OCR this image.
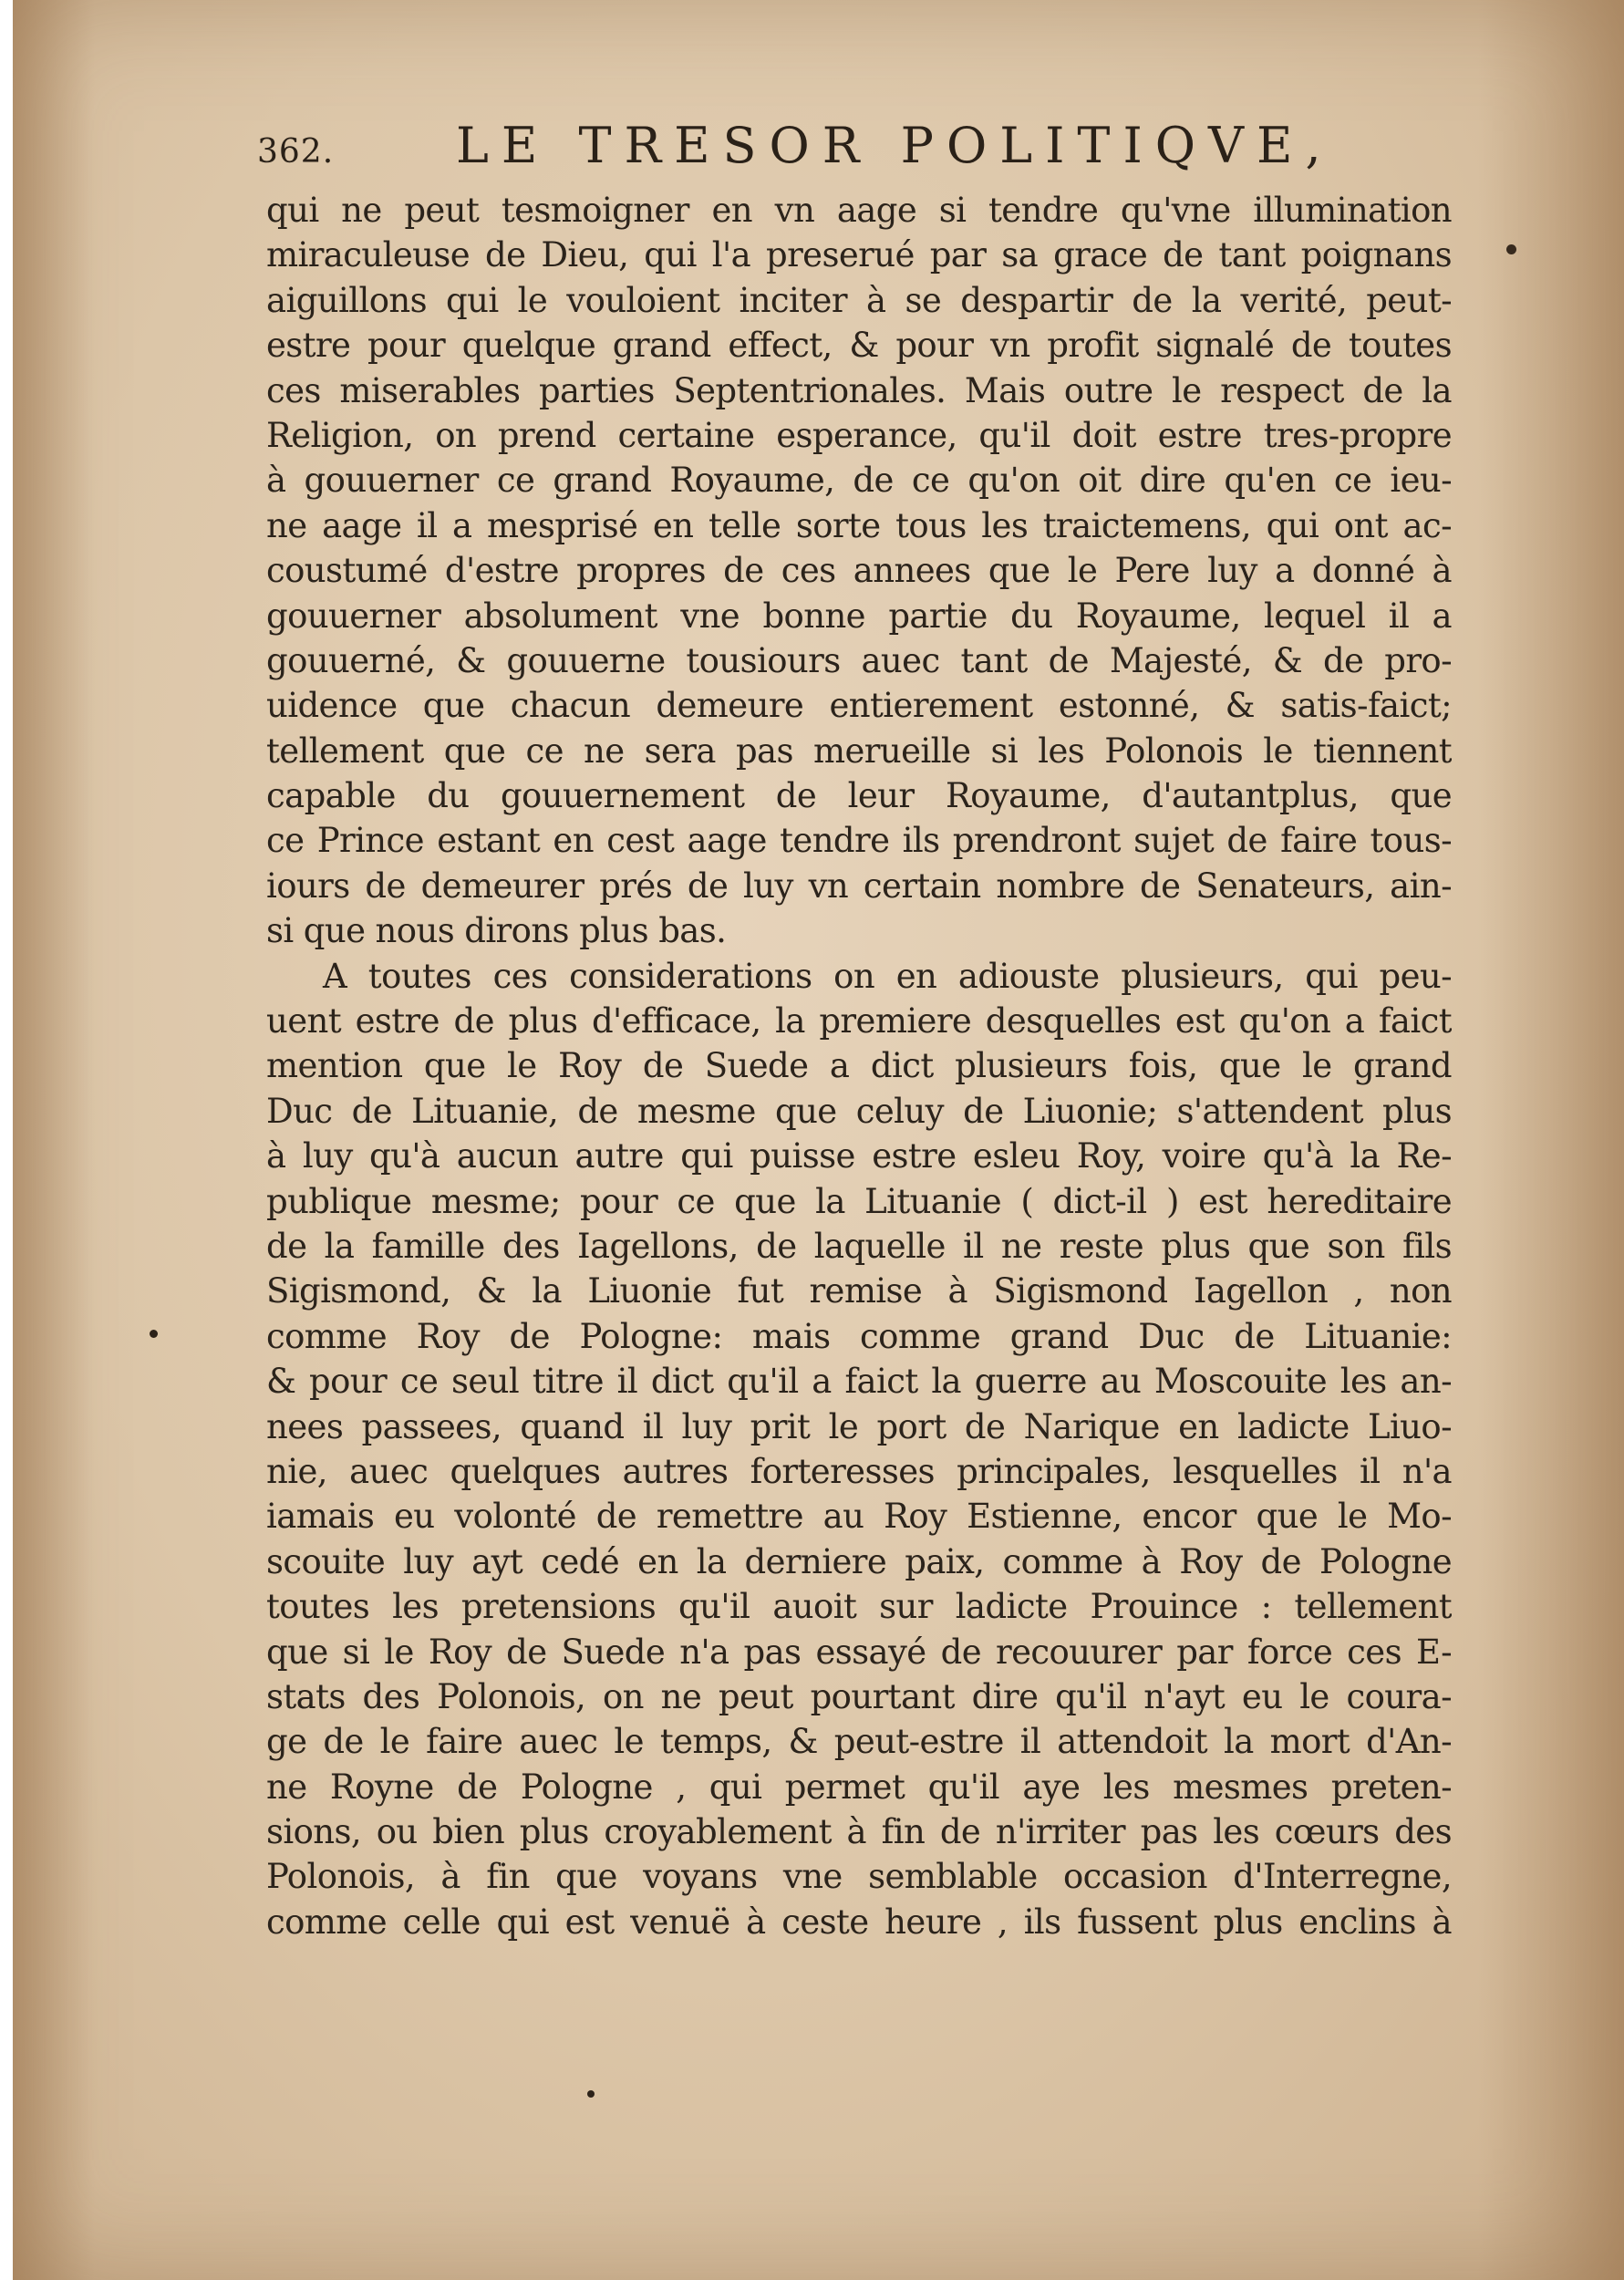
362. LE TRESOR POLITIQVE,
qui ne peut tesmoigner en vn aage si tendre qu'vne illumination
miraculeuse de Dieu, qui l'a preserué par sa grace de tant poignans
aiguillons qui le vouloient inciter à se despartir de la verité, peut-
estre pour quelque grand effect, & pour vn profit signalé de toutes
ces miserables parties Septentrionales. Mais outre le respect de la
Religion, on prend certaine esperance, qu'il doit estre tres-propre
à gouuerner ce grand Royaume, de ce qu'on oit dire qu'en ce ieu-
ne aage il a mesprisé en telle sorte tous les traictemens, qui ont ac-
coustumé d'estre propres de ces annees que le Pere luy a donné à
gouuerner absolument vne bonne partie du Royaume, lequel il a
gouuerné, & gouuerne tousiours auec tant de Majesté, & de pro-
uidence que chacun demeure entierement estonné, & satis-faict;
tellement que ce ne sera pas merueille si les Polonois le tiennent
capable du gouuernement de leur Royaume, d'autantplus, que
ce Prince estant en cest aage tendre ils prendront sujet de faire tous-
iours de demeurer prés de luy vn certain nombre de Senateurs, ain-
si que nous dirons plus bas.
A toutes ces considerations on en adiouste plusieurs, qui peu-
uent estre de plus d'efficace, la premiere desquelles est qu'on a faict
mention que le Roy de Suede a dict plusieurs fois, que le grand
Duc de Lituanie, de mesme que celuy de Liuonie; s'attendent plus
à luy qu'à aucun autre qui puisse estre esleu Roy, voire qu'à la Re-
publique mesme; pour ce que la Lituanie ( dict-il ) est hereditaire
de la famille des Iagellons, de laquelle il ne reste plus que son fils
Sigismond, & la Liuonie fut remise à Sigismond Iagellon , non
comme Roy de Pologne: mais comme grand Duc de Lituanie:
& pour ce seul titre il dict qu'il a faict la guerre au Moscouite les an-
nees passees, quand il luy prit le port de Narique en ladicte Liuo-
nie, auec quelques autres forteresses principales, lesquelles il n'a
iamais eu volonté de remettre au Roy Estienne, encor que le Mo-
scouite luy ayt cedé en la derniere paix, comme à Roy de Pologne
toutes les pretensions qu'il auoit sur ladicte Prouince : tellement
que si le Roy de Suede n'a pas essayé de recouurer par force ces E-
stats des Polonois, on ne peut pourtant dire qu'il n'ayt eu le coura-
ge de le faire auec le temps, & peut-estre il attendoit la mort d'An-
ne Royne de Pologne , qui permet qu'il aye les mesmes preten-
sions, ou bien plus croyablement à fin de n'irriter pas les cœurs des
Polonois, à fin que voyans vne semblable occasion d'Interregne,
comme celle qui est venuë à ceste heure , ils fussent plus enclins à
